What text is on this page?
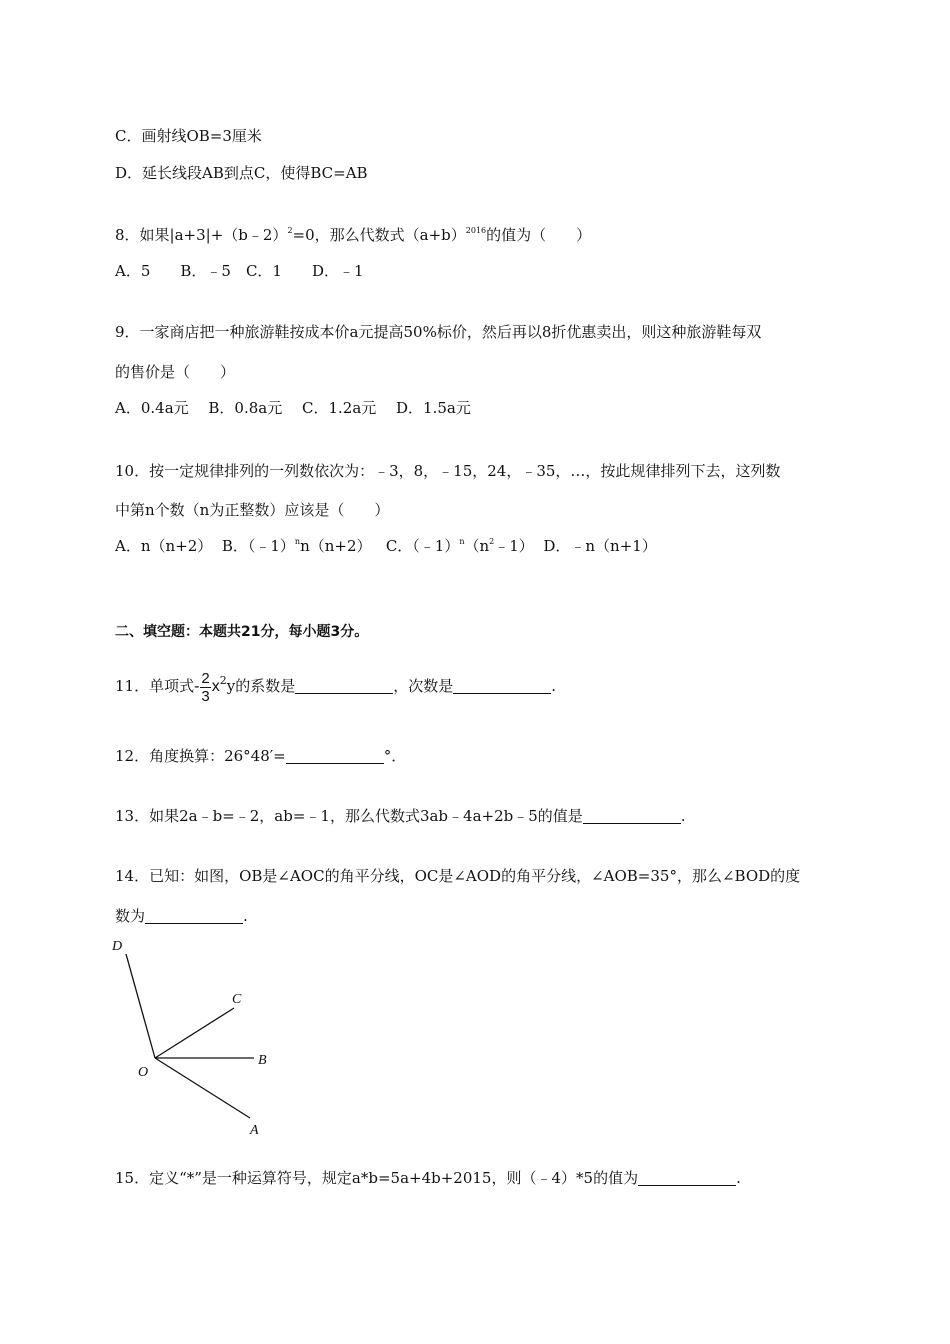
C．画射线OB=3厘米
D．延长线段AB到点C，使得BC=AB
8．如果|a+3|+（b﹣2）$^2$=0，那么代数式$(a+b)^{2016}$的值为（　　）
A．5　　B．﹣5　C．1　　D．﹣1
9．一家商店把一种旅游鞋按成本价a元提高50%标价，然后再以8折优惠卖出，则这种旅游鞋每双
的售价是（　　）
A．0.4a元　 B．0.8a元　 C．1.2a元　 D．1.5a元
10．按一定规律排列的一列数依次为：﹣3，8，﹣15，24，﹣35，…，按此规律排列下去，这列数
中第n个数（n为正整数）应该是（　　）
A．n（n+2） B．（﹣1）$^n$n（n+2） C．$(﹣1)^n(n^2﹣1)$ D．﹣n（n+1）
二、填空题：本题共21分，每小题3分。
11．单项式- $\frac{2}{3} x^2y$的系数是	，次数是	.
12．角度换算：26°48′=	°．
13．如果2a﹣b=﹣2，ab=﹣1，那么代数式3ab﹣4a+2b﹣5的值是	.
14．已知：如图，OB是∠AOC的角平分线，OC是∠AOD的角平分线，∠AOB=35°，那么∠BOD的度
数为	.
D
C
O
B
A
15．定义“*”是一种运算符号，规定a*b=5a+4b+2015，则（﹣4）*5的值为	.
